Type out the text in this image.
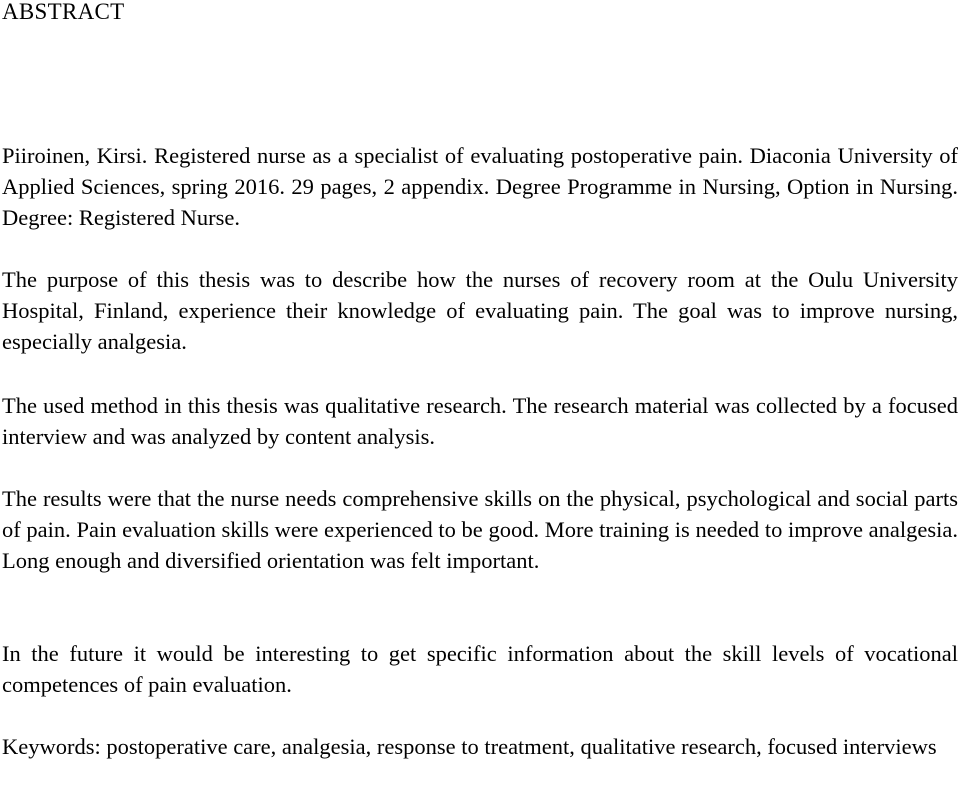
ABSTRACT

Piiroinen, Kirsi. Registered nurse as a specialist of evaluating postoperative pain. Diaconia University of Applied Sciences, spring 2016. 29 pages, 2 appendix. Degree Programme in Nursing, Option in Nursing. Degree: Registered Nurse.

The purpose of this thesis was to describe how the nurses of recovery room at the Oulu University Hospital, Finland, experience their knowledge of evaluating pain. The goal was to improve nursing, especially analgesia.

The used method in this thesis was qualitative research. The research material was collected by a focused interview and was analyzed by content analysis.

The results were that the nurse needs comprehensive skills on the physical, psychological and social parts of pain. Pain evaluation skills were experienced to be good. More training is needed to improve analgesia. Long enough and diversified orientation was felt important.

In the future it would be interesting to get specific information about the skill levels of vocational competences of pain evaluation.

Keywords: postoperative care, analgesia, response to treatment, qualitative research, focused interviews
